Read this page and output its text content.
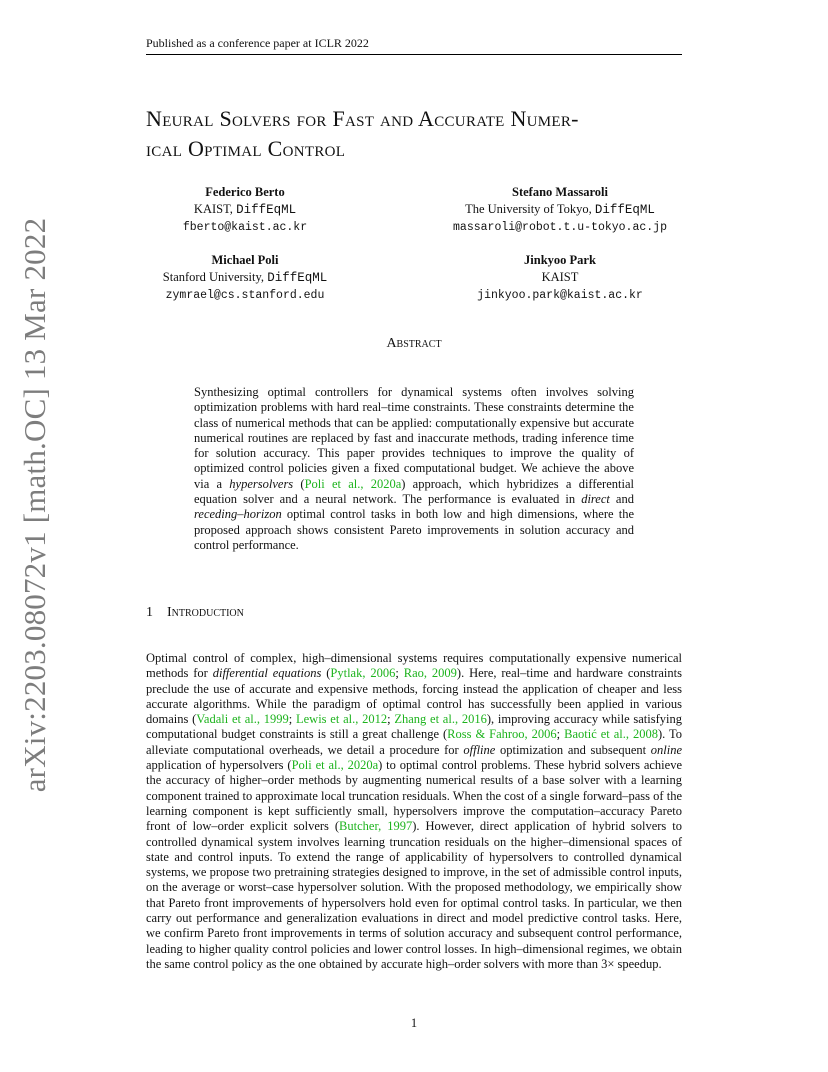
Published as a conference paper at ICLR 2022
arXiv:2203.08072v1 [math.OC] 13 Mar 2022
Neural Solvers for Fast and Accurate Numer-
ical Optimal Control
Federico Berto
KAIST, DiffEqML
fberto@kaist.ac.kr
Stefano Massaroli
The University of Tokyo, DiffEqML
massaroli@robot.t.u-tokyo.ac.jp
Michael Poli
Stanford University, DiffEqML
zymrael@cs.stanford.edu
Jinkyoo Park
KAIST
jinkyoo.park@kaist.ac.kr
Abstract
Synthesizing optimal controllers for dynamical systems often involves solving optimization problems with hard real–time constraints. These constraints determine the class of numerical methods that can be applied: computationally expensive but accurate numerical routines are replaced by fast and inaccurate methods, trading inference time for solution accuracy. This paper provides techniques to improve the quality of optimized control policies given a fixed computational budget. We achieve the above via a hypersolvers (Poli et al., 2020a) approach, which hybridizes a differential equation solver and a neural network. The performance is evaluated in direct and receding–horizon optimal control tasks in both low and high dimensions, where the proposed approach shows consistent Pareto improvements in solution accuracy and control performance.
1 Introduction
Optimal control of complex, high–dimensional systems requires computationally expensive numerical methods for differential equations (Pytlak, 2006; Rao, 2009). Here, real–time and hardware constraints preclude the use of accurate and expensive methods, forcing instead the application of cheaper and less accurate algorithms. While the paradigm of optimal control has successfully been applied in various domains (Vadali et al., 1999; Lewis et al., 2012; Zhang et al., 2016), improving accuracy while satisfying computational budget constraints is still a great challenge (Ross & Fahroo, 2006; Baotić et al., 2008). To alleviate computational overheads, we detail a procedure for offline optimization and subsequent online application of hypersolvers (Poli et al., 2020a) to optimal control problems. These hybrid solvers achieve the accuracy of higher–order methods by augmenting numerical results of a base solver with a learning component trained to approximate local truncation residuals. When the cost of a single forward–pass of the learning component is kept sufficiently small, hypersolvers improve the computation–accuracy Pareto front of low–order explicit solvers (Butcher, 1997). However, direct application of hybrid solvers to controlled dynamical system involves learning truncation residuals on the higher–dimensional spaces of state and control inputs. To extend the range of applicability of hypersolvers to controlled dynamical systems, we propose two pretraining strategies designed to improve, in the set of admissible control inputs, on the average or worst–case hypersolver solution. With the proposed methodology, we empirically show that Pareto front improvements of hypersolvers hold even for optimal control tasks. In particular, we then carry out performance and generalization evaluations in direct and model predictive control tasks. Here, we confirm Pareto front improvements in terms of solution accuracy and subsequent control performance, leading to higher quality control policies and lower control losses. In high–dimensional regimes, we obtain the same control policy as the one obtained by accurate high–order solvers with more than 3× speedup.
1
